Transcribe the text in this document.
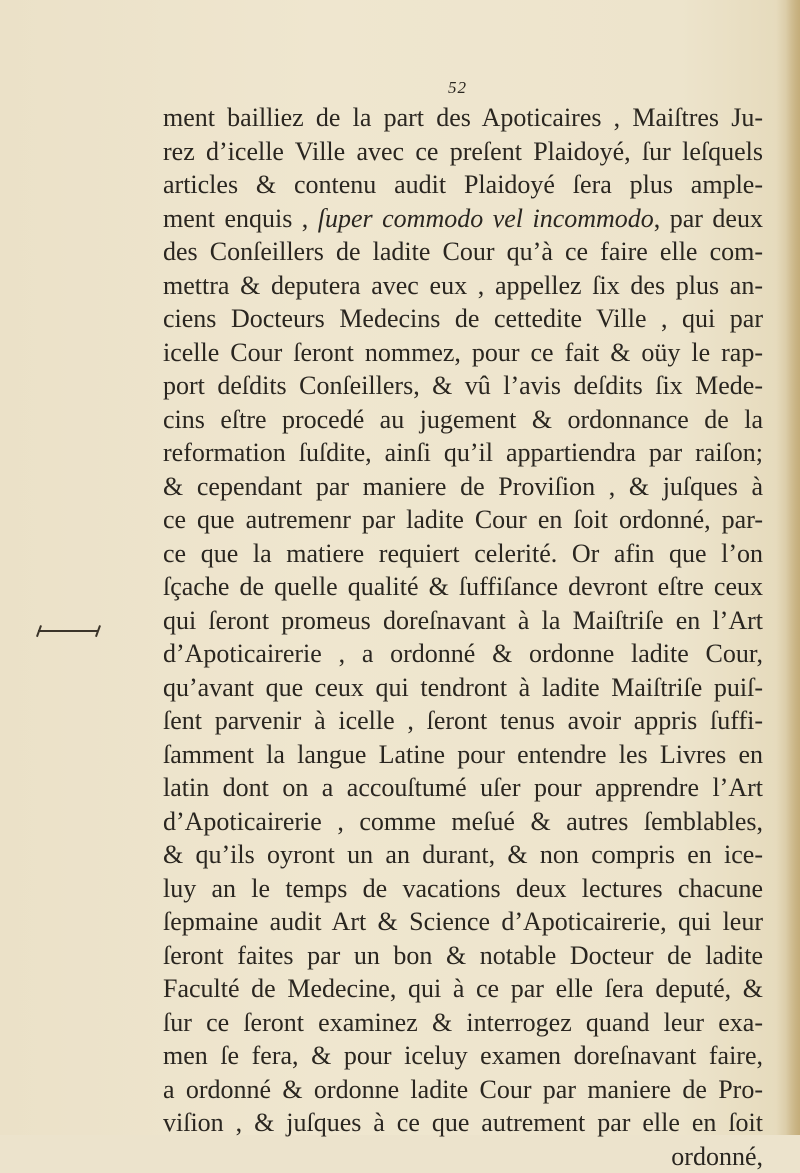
52
ment bailliez de la part des Apoticaires , Maiſtres Ju-
rez d’icelle Ville avec ce preſent Plaidoyé, ſur leſquels
articles & contenu audit Plaidoyé ſera plus ample-
ment enquis , ſuper commodo vel incommodo, par deux
des Conſeillers de ladite Cour qu’à ce faire elle com-
mettra & deputera avec eux , appellez ſix des plus an-
ciens Docteurs Medecins de cettedite Ville , qui par
icelle Cour ſeront nommez, pour ce fait & oüy le rap-
port deſdits Conſeillers, & vû l’avis deſdits ſix Mede-
cins eſtre procedé au jugement & ordonnance de la
reformation ſuſdite, ainſi qu’il appartiendra par raiſon;
& cependant par maniere de Proviſion , & juſques à
ce que autremenr par ladite Cour en ſoit ordonné, par-
ce que la matiere requiert celerité. Or afin que l’on
ſçache de quelle qualité & ſuffiſance devront eſtre ceux
qui ſeront promeus doreſnavant à la Maiſtriſe en l’Art
d’Apoticairerie , a ordonné & ordonne ladite Cour,
qu’avant que ceux qui tendront à ladite Maiſtriſe puiſ-
ſent parvenir à icelle , ſeront tenus avoir appris ſuffi-
ſamment la langue Latine pour entendre les Livres en
latin dont on a accouſtumé uſer pour apprendre l’Art
d’Apoticairerie , comme meſué & autres ſemblables,
& qu’ils oyront un an durant, & non compris en ice-
luy an le temps de vacations deux lectures chacune
ſepmaine audit Art & Science d’Apoticairerie, qui leur
ſeront faites par un bon & notable Docteur de ladite
Faculté de Medecine, qui à ce par elle ſera deputé, &
ſur ce ſeront examinez & interrogez quand leur exa-
men ſe fera, & pour iceluy examen doreſnavant faire,
a ordonné & ordonne ladite Cour par maniere de Pro-
viſion , & juſques à ce que autrement par elle en ſoit
ordonné,
